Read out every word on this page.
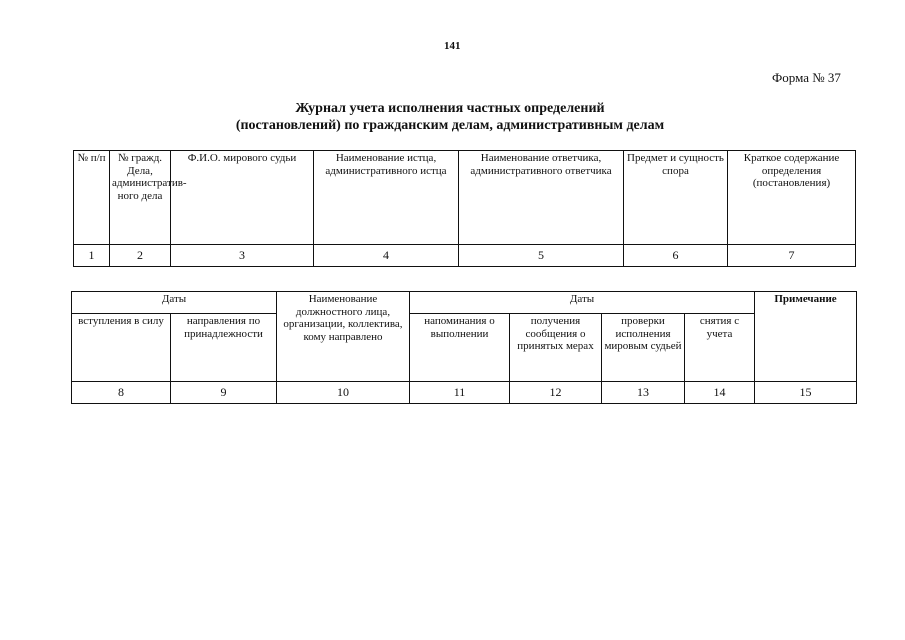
141
Форма № 37
Журнал учета исполнения частных определений
(постановлений) по гражданским делам, административным делам
№ п/п	№ гражд. Дела, административ-ного дела	Ф.И.О. мирового судьи	Наименование истца, административного истца	Наименование ответчика, административного ответчика	Предмет и сущность спора	Краткое содержание определения (постановления)
1	2	3	4	5	6	7
Даты		Наименование должностного лица, организации, коллектива, кому направлено	Даты				Примечание
вступления в силу	направления по принадлежности		напоминания о выполнении	получения сообщения о принятых мерах	проверки исполнения мировым судьей	снятия с учета	
8	9	10	11	12	13	14	15
